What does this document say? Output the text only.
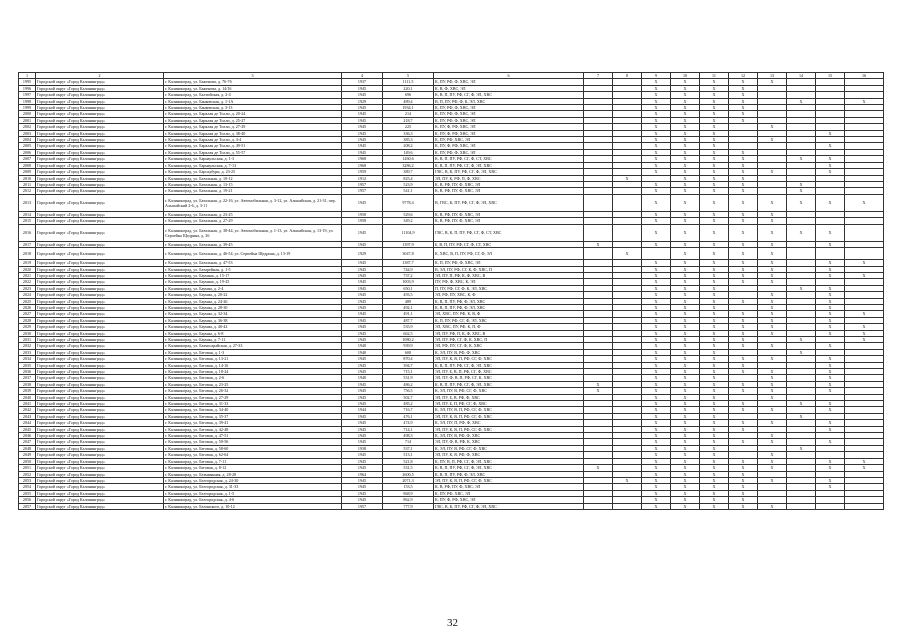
1	2	3	4	5	6	7	8	9	10	11	12	13	14	15	16
1995	Городской округ «Город Калининград»	г. Калининград, ул. Баженова, д. 76-76	1937	1111,5	К, ПУ, РФ, Ф, ХВС, ЭЛ			Х	Х	Х	Х	Х			
1996	Городской округ «Город Калининград»	г. Калининград, ул. Баженова, д. 14/16	1945	220,1	К, В, Ф, ХВС, ЭЛ			Х	Х	Х	Х				
1997	Городской округ «Город Калининград»	г. Калининград, ул. Балтийская, д. 2-4	1945	696	К, В, П, ПУ, РФ, СГ, Ф, ЭЛ, ХВС			Х	Х	Х	Х				
1998	Городской округ «Город Калининград»	г. Калининград, ул. Банковская, д. 1-1А	1929	489,4	В, П, ПУ, РФ, Ф, К, ЭЛ, ХВС			Х	Х	Х	Х		Х		Х
1999	Городской округ «Город Калининград»	г. Калининград, ул. Банковская, д. 3-13	1945	1934,1	К, ПУ, РФ, Ф, ХВС, ЭЛ			Х	Х	Х	Х				
2000	Городской округ «Город Калининград»	г. Калининград, ул. Барклая де Толли, д. 20-24	1945	214	К, ПУ, РФ, Ф, ХВС, ЭЛ			Х	Х	Х	Х				
2001	Городской округ «Город Калининград»	г. Калининград, ул. Барклая де Толли, д. 25-27	1945	218,7	К, ПУ, РФ, Ф, ХВС, ЭЛ			Х	Х	Х	Х				
2002	Городской округ «Город Калининград»	г. Калининград, ул. Барклая де Толли, д. 27-29	1945	225	К, ПУ, Ф, РФ, ХВС, ЭЛ			Х	Х	Х		Х			
2003	Городской округ «Город Калининград»	г. Калининград, ул. Барклая де Толли, д. 38-40	1945	336,3	К, ПУ, Ф, РФ, ХВС, ЭЛ			Х	Х	Х				Х	
2004	Городской округ «Город Калининград»	г. Калининград, ул. Барклая де Толли, д. 4-4	1945	385,3	К, ПУ, РФ, ХВС, ЭЛ			Х	Х	Х		Х			
2005	Городской округ «Город Калининград»	г. Калининград, ул. Барклая де Толли, д. 49-51	1945	208,2	К, ПУ, Ф, РФ, ХВС, ЭЛ			Х	Х	Х				Х	
2006	Городской округ «Город Калининград»	г. Калининград, ул. Барклая де Толли, д. 55-57	1945	149,6	К, ПУ, РФ, Ф, ХВС, ЭЛ			Х	Х	Х	Х				
2007	Городской округ «Город Калининград»	г. Калининград, ул. Барнаульская, д. 1-3	1968	1260,6	К, В, П, ПУ, РФ, СГ, Ф, СТ, ХВС			Х	Х	Х	Х		Х	Х	
2008	Городской округ «Город Калининград»	г. Калининград, ул. Барнаульская, д. 7-13	1968	3286,2	К, В, П, ПУ, РФ, СГ, Ф, ЭЛ, ХВС			Х	Х	Х	Х			Х	
2009	Городской округ «Город Калининград»	г. Калининград, ул. Барсадбурн, д. 23-25	1959	389,7	ГВС, В, К, ПУ, РФ, СГ, Ф, ЭЛ, ХВС			Х	Х	Х	Х	Х		Х	
2010	Городской округ «Город Калининград»	г. Калининград, ул. Батальная, д. 10-12	1912	825,4	ЭЛ, ПУ, К, РФ, П, Ф, ХВС		Х		Х	Х	Х				
2011	Городской округ «Город Калининград»	г. Калининград, ул. Батальная, д. 13-15	1957	523,9	К, В, РФ, ПУ, Ф, ХВС, ЭЛ			Х	Х	Х	Х		Х		
2012	Городской округ «Город Калининград»	г. Калининград, ул. Батальная, д. 19-21	1957	541,1	К, В, РФ, ПУ, Ф, ХВС, ЭЛ			Х	Х	Х	Х		Х		
2013	Городской округ «Город Калининград»	г. Калининград, ул. Батальная, д. 22-16, ул. Автомобильная, д. 3-12, ул. Альшайская, д. 21-31, пер. Альшайский 2-6, д. 3-11	1945	9778,4	В, ГВС, К, ПУ, РФ, СГ, Ф, ЭЛ, ХВС			Х	Х	Х	Х	Х	Х	Х	Х
2014	Городской округ «Город Калининград»	г. Калининград, ул. Батальная, д. 23-25	1958	529,6	К, В, РФ, ПУ, Ф, ХВС, ЭЛ			Х	Х	Х	Х	Х			
2015	Городской округ «Город Калининград»	г. Калининград, ул. Батальная, д. 27-29	1958	349,2	К, В, РФ, ПУ, Ф, ХВС, ЭЛ			Х	Х	Х	Х	Х			
2016	Городской округ «Город Калининград»	г. Калининград, ул. Батальная, д. 38-44, ул. Автомобильная, д. 1-13, ул. Альшайская, д. 13-19, ул. Серпейна Щедрина, д. 26	1945	11104,9	ГВС, В, К, П, ПУ, РФ, СГ, Ф, СТ, ХВС			Х	Х	Х	Х	Х	Х	Х	
2017	Городской округ «Город Калининград»	г. Калининград, ул. Батальная, д. 39-45	1945	1397,9	Б, В, П, ПУ, РФ, СГ, Ф, СТ, ХВС	Х		Х	Х	Х	Х	Х		Х	
2018	Городской округ «Город Калининград»	г. Калининград, ул. Батальная, д. 46-54, ул. Серпейна Щедрина, д. 13-19	1929	3047,8	К, ХВС, В, П, ПУ, РФ, СГ, Ф, ЭЛ		Х		Х	Х	Х	Х			
2019	Городской округ «Город Калининград»	г. Калининград, ул. Батальная, д. 47-53	1945	1387,7	К, П, ПУ, РФ, Ф, ХВС, ЭЛ			Х	Х	Х	Х	Х		Х	Х
2020	Городской округ «Город Калининград»	г. Калининград, ул. Батарейная, д. 1-5	1945	744,9	В, ЭЛ, ПУ, РФ, СГ, К, Ф, ХВС, П			Х	Х	Х	Х	Х		Х	
2021	Городской округ «Город Калининград»	г. Калининград, ул. Баумана, д. 15-17	1945	737,2	ЭЛ, ПУ, П, РФ, К, Ф, ХВС, В			Х	Х	Х	Х	Х		Х	Х
2022	Городской округ «Город Калининград»	г. Калининград, ул. Баумана, д. 19-25	1945	1003,9	ПУ, РФ, Ф, ХВС, К, ЭЛ			Х	Х	Х	Х	Х			
2023	Городской округ «Город Калининград»	г. Калининград, ул. Бауман, д. 2-4	1945	650,1	П, ПУ, РФ, СГ, Ф, К, ЭЛ, ХВС			Х	Х	Х			Х	Х	
2024	Городской округ «Город Калининград»	г. Калининград, ул. Бауман, д. 20-22	1945	493,5	ЭЛ, РФ, ПУ, ХВС, К, Ф			Х	Х	Х		Х		Х	
2025	Городской округ «Город Калининград»	г. Калининград, ул. Бауман, д. 24-26	1945	489	К, В, П, ПУ, РФ, Ф, ЭЛ, ХВС			Х	Х	Х	Х	Х		Х	
2026	Городской округ «Город Калининград»	г. Калининград, ул. Бауман, д. 28-30	1945	492,1	К, В, П, ПУ, РФ, Ф, ЭЛ, ХВС			Х	Х	Х		Х		Х	
2027	Городской округ «Город Калининград»	г. Калининград, ул. Бауман, д. 32-34	1945	491,1	ЭЛ, ХВС, ПУ, РФ, К, В, Ф			Х	Х	Х	Х	Х		Х	Х
2028	Городской округ «Город Калининград»	г. Калининград, ул. Бауман, д. 36-38	1945	487,7	К, П, ПУ, РФ, СГ, Ф, ЭЛ, ХВС			Х	Х	Х	Х	Х		Х	
2029	Городской округ «Город Калининград»	г. Калининград, ул. Бауман, д. 40-42	1945	535,9	ЭЛ, ХВС, ПУ, РФ, К, П, Ф			Х	Х	Х	Х	Х		Х	Х
2030	Городской округ «Город Калининград»	г. Калининград, ул. Бауман, д. 6-8	1945	662,5	ЭЛ, ПУ, РФ, П, К, Ф, ХВС, В			Х	Х	Х	Х	Х		Х	Х
2031	Городской округ «Город Калининград»	г. Калининград, ул. Бауман, д. 7-11	1945	1080,2	ЭЛ, ПУ, РФ, СГ, Ф, К, ХВС, П			Х	Х	Х	Х		Х		Х
2032	Городской округ «Город Калининград»	г. Калининград, ул. Бахчисарайская, д. 27-33	1940	939,9	ЭЛ, РФ, ПУ, СГ, Ф, К, ХВС			Х	Х	Х	Х	Х		Х	
2033	Городской округ «Город Калининград»	г. Калининград, ул. Беговая, д. 1-3	1940	600	К, ЭЛ, ПУ, В, РФ, Ф, ХВС			Х	Х	Х			Х		
2034	Городской округ «Город Калининград»	г. Калининград, ул. Беговая, д. 13-21	1945	870,4	ЭЛ, ПУ, К, В, П, РФ, СГ, Ф, ХВС			Х	Х	Х	Х	Х		Х	
2035	Городской округ «Город Калининград»	г. Калининград, ул. Беговая, д. 14-16	1945	394,7	К, В, П, ПУ, РФ, СГ, Ф, ЭЛ, ХВС			Х	Х	Х	Х			Х	
2036	Городской округ «Город Калининград»	г. Калининград, ул. Беговая, д. 18-24	1945	715,1	ЭЛ, ПУ, Б, В, П, РФ, СГ, Ф, ХВС			Х	Х	Х	Х	Х		Х	
2037	Городской округ «Город Калининград»	г. Калининград, ул. Беговая, д. 2-6	1940	531,9	ЭЛ, ПУ, Ф, В, П, РФ, СГ, К, ХВС			Х	Х	Х		Х		Х	
2038	Городской округ «Город Калининград»	г. Калининград, ул. Беговая, д. 23-25	1945	486,2	К, В, П, ПУ, РФ, СГ, Ф, ЭЛ, ХВС	Х		Х	Х	Х	Х	Х		Х	
2039	Городской округ «Город Калининград»	г. Калининград, ул. Беговая, д. 26-32	1945	756,5	К, ЭЛ, ПУ, В, РФ, СГ, Ф, ХВС	Х		Х	Х	Х	Х	Х		Х	
2040	Городской округ «Город Калининград»	г. Калининград, ул. Беговая, д. 27-29	1945	502,7	ЭЛ, ПУ, Б, В, РФ, Ф, ХВС			Х	Х	Х		Х			
2041	Городской округ «Город Калининград»	г. Калининград, ул. Беговая, д. 31-33	1945	485,2	ЭЛ, ПУ, Б, П, РФ, СГ, Ф, ХВС			Х	Х	Х	Х		Х	Х	
2042	Городской округ «Город Калининград»	г. Калининград, ул. Беговая, д. 34-40	1944	716,7	К, ЭЛ, ПУ, В, П, РФ, СГ, Ф, ХВС			Х	Х	Х	Х	Х		Х	
2043	Городской округ «Город Калининград»	г. Калининград, ул. Беговая, д. 35-37	1945	476,1	ЭЛ, ПУ, К, В, П, РФ, СГ, Ф, ХВС			Х	Х	Х			Х		
2044	Городской округ «Город Калининград»	г. Калининград, ул. Беговая, д. 39-41	1945	474,9	К, ЭЛ, ПУ, П, РФ, Ф, ХВС			Х	Х	Х	Х	Х		Х	
2045	Городской округ «Город Калининград»	г. Калининград, ул. Беговая, д. 42-48	1945	714,1	ЭЛ, ПУ, К, В, П, РФ, СГ, Ф, ХВС			Х	Х	Х	Х			Х	
2046	Городской округ «Город Калининград»	г. Калининград, ул. Беговая, д. 47-51	1945	498,3	К, ЭЛ, ПУ, В, РФ, Ф, ХВС			Х	Х	Х		Х			
2047	Городской округ «Город Калининград»	г. Калининград, ул. Беговая, д. 50-56	1945	714	ЭЛ, ПУ, Ф, В, РФ, К, ХВС			Х	Х	Х	Х	Х		Х	
2048	Городской округ «Город Калининград»	г. Калининград, ул. Беговая, д. 58-60	1938	537,1	К, ЭЛ, ПУ, В, РФ, СГ, Ф, ХВС			Х	Х	Х			Х		
2049	Городской округ «Город Калининград»	г. Калининград, ул. Беговая, д. 62-64	1945	513,1	ЭЛ, ПУ, К, В, РФ, Ф, ХВС			Х	Х	Х		Х			
2050	Городской округ «Город Калининград»	г. Калининград, ул. Беговая, д. 7-11	1945	521,8	К, ПУ, В, П, РФ, СГ, Ф, ЭЛ, ХВС			Х	Х	Х	Х	Х		Х	Х
2051	Городской округ «Город Калининград»	г. Калининград, ул. Беговая, д. 8-12	1945	531,5	К, В, П, ПУ, РФ, СГ, Ф, ЭЛ, ХВС	Х		Х	Х	Х	Х	Х		Х	Х
2052	Городской округ «Город Калининград»	г. Калининград, ул. Безымянная, д. 28-28	1964	2600,5	К, В, П, ПУ, РФ, Ф, ЭЛ, ХВС			Х	Х	Х	Х				
2053	Городской округ «Город Калининград»	г. Калининград, ул. Белгородская, д. 24-30	1945	2071,3	ЭЛ, ПУ, К, В, П, РФ, СГ, Ф, ХВС		Х	Х	Х	Х	Х	Х		Х	
2054	Городской округ «Город Калининград»	г. Калининград, ул. Белгородская, д. 31-33	1945	153,5	К, В, РФ, ПУ, Ф, ХВС, ЭЛ			Х	Х	Х	Х			Х	
2055	Городской округ «Город Калининград»	г. Калининград, ул. Белгородская, д. 1-5	1945	868,9	К, ПУ, РФ, ХВС, ЭЛ			Х	Х	Х	Х				
2056	Городской округ «Город Калининград»	г. Калининград, ул. Белгородская, д. 4-6	1945	862,9	К, ПУ, Ф, РФ, ХВС, ЭЛ			Х	Х	Х	Х				
2057	Городской округ «Город Калининград»	г. Калининград, ул. Белинского, д. 10-12	1957	777,9	ГВС, В, К, ПУ, РФ, СГ, Ф, ЭЛ, ХВС			Х	Х	Х	Х	Х			
32
